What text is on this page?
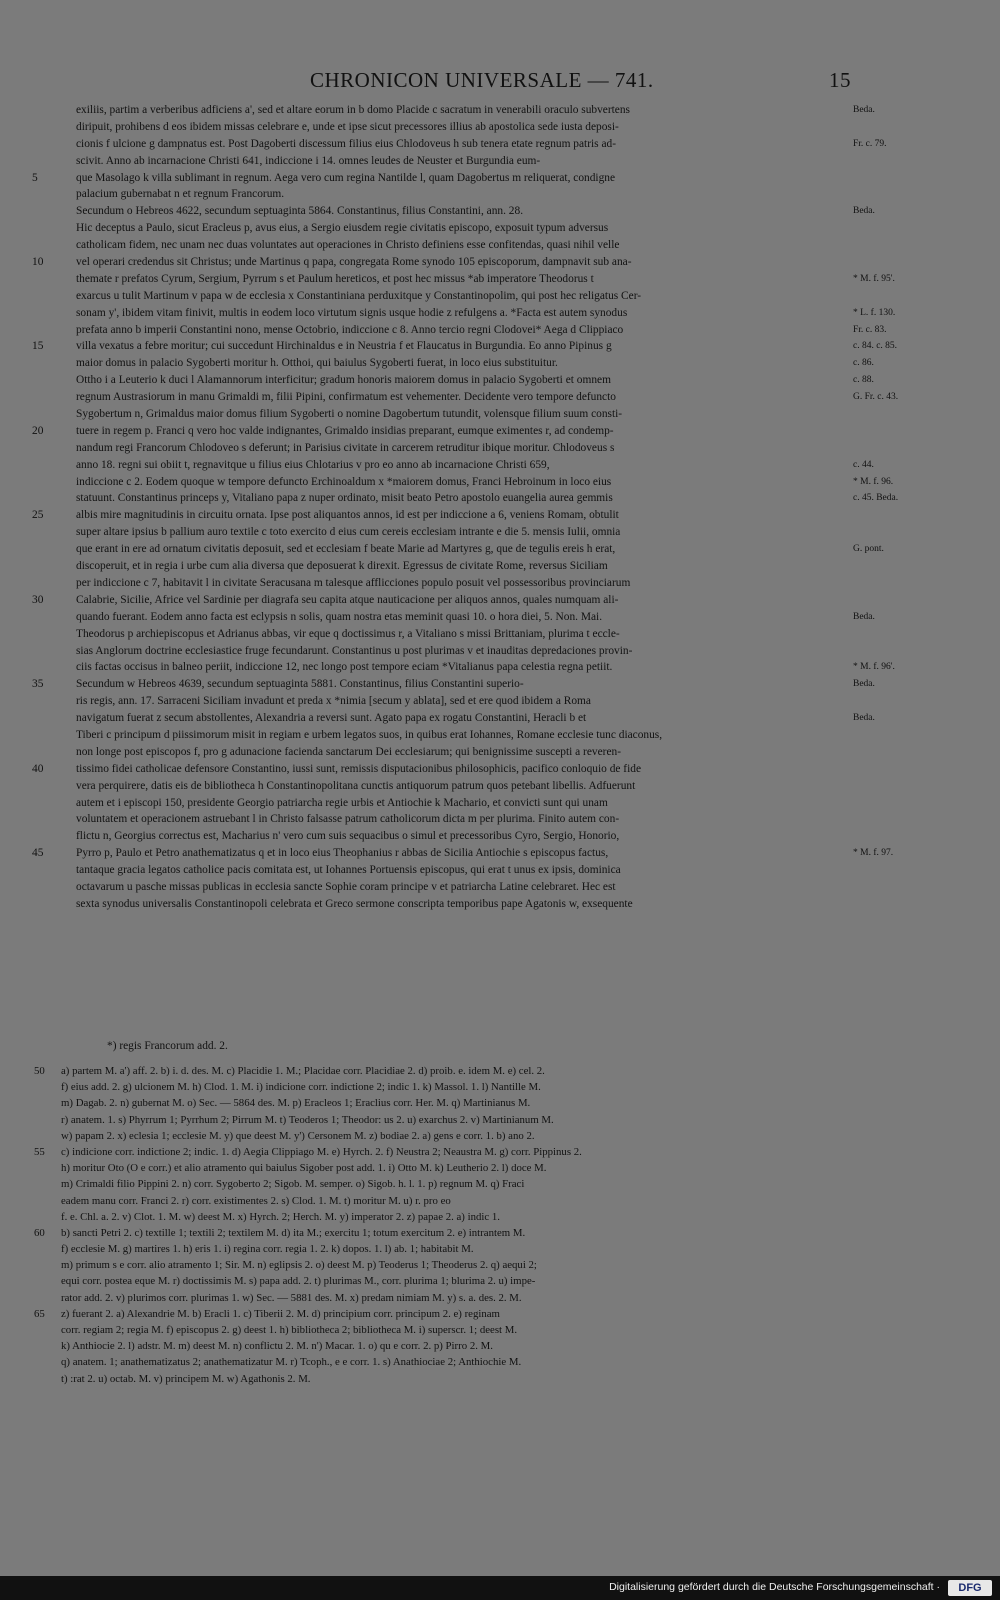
CHRONICON UNIVERSALE — 741.	15
exiliis, partim a verberibus adficiens a', sed et altare eorum in b domo Placide c sacratum in venerabili oraculo subvertens	Beda.
diripuit, prohibens d eos ibidem missas celebrare e, unde et ipse sicut precessores illius ab apostolica sede iusta deposi-
cionis f ulcione g dampnatus est. Post Dagoberti discessum filius eius Chlodoveus h sub tenera etate regnum patris ad-	Fr. c. 79.
scivit. Anno ab incarnacione Christi 641, indiccione i 14. omnes leudes de Neuster et Burgundia eum-
5	que Masolago k villa sublimant in regnum. Aega vero cum regina Nantilde l, quam Dagobertus m reliquerat, condigne
palacium gubernabat n et regnum Francorum.
Secundum o Hebreos 4622, secundum septuaginta 5864. Constantinus, filius Constantini, ann. 28.	Beda.
Hic deceptus a Paulo, sicut Eracleus p, avus eius, a Sergio eiusdem regie civitatis episcopo, exposuit typum adversus
catholicam fidem, nec unam nec duas voluntates aut operaciones in Christo definiens esse confitendas, quasi nihil velle
10	vel operari credendus sit Christus; unde Martinus q papa, congregata Rome synodo 105 episcoporum, dampnavit sub ana-
themate r prefatos Cyrum, Sergium, Pyrrum s et Paulum hereticos, et post hec missus *ab imperatore Theodorus t	* M. f. 95'.
exarcus u tulit Martinum v papa w de ecclesia x Constantiniana perduxitque y Constantinopolim, qui post hec religatus Cer-
sonam y', ibidem vitam finivit, multis in eodem loco virtutum signis usque hodie z refulgens a. *Facta est autem synodus	* L. f. 130.
prefata anno b imperii Constantini nono, mense Octobrio, indiccione c 8. Anno tercio regni Clodovei* Aega d Clippiaco	Fr. c. 83.
15	villa vexatus a febre moritur; cui succedunt Hirchinaldus e in Neustria f et Flaucatus in Burgundia. Eo anno Pipinus g	c. 84. c. 85.
maior domus in palacio Sygoberti moritur h. Otthoi, qui baiulus Sygoberti fuerat, in loco eius substituitur.	c. 86.
Ottho i a Leuterio k duci l Alamannorum interficitur; gradum honoris maiorem domus in palacio Sygoberti et omnem	c. 88.
regnum Austrasiorum in manu Grimaldi m, filii Pipini, confirmatum est vehementer. Decidente vero tempore defuncto	G. Fr. c. 43.
Sygobertum n, Grimaldus maior domus filium Sygoberti o nomine Dagobertum tutundit, volensque filium suum consti-
20	tuere in regem p. Franci q vero hoc valde indignantes, Grimaldo insidias preparant, eumque eximentes r, ad condemp-
nandum regi Francorum Chlodoveo s deferunt; in Parisius civitate in carcerem retruditur ibique moritur. Chlodoveus s
anno 18. regni sui obiit t, regnavitque u filius eius Chlotarius v pro eo anno ab incarnacione Christi 659,	c. 44.
indiccione c 2. Eodem quoque w tempore defuncto Erchinoaldum x *maiorem domus, Franci Hebroinum in loco eius	* M. f. 96.
statuunt. Constantinus princeps y, Vitaliano papa z nuper ordinato, misit beato Petro apostolo euangelia aurea gemmis	c. 45. Beda.
25	albis mire magnitudinis in circuitu ornata. Ipse post aliquantos annos, id est per indiccione a 6, veniens Romam, obtulit
super altare ipsius b pallium auro textile c toto exercito d eius cum cereis ecclesiam intrante e die 5. mensis Iulii, omnia
que erant in ere ad ornatum civitatis deposuit, sed et ecclesiam f beate Marie ad Martyres g, que de tegulis ereis h erat,	G. pont.
discoperuit, et in regia i urbe cum alia diversa que deposuerat k direxit. Egressus de civitate Rome, reversus Siciliam
per indiccione c 7, habitavit l in civitate Seracusana m talesque afflicciones populo posuit vel possessoribus provinciarum
30	Calabrie, Sicilie, Africe vel Sardinie per diagrafa seu capita atque nauticacione per aliquos annos, quales numquam ali-
quando fuerant. Eodem anno facta est eclypsis n solis, quam nostra etas meminit quasi 10. o hora diei, 5. Non. Mai.	Beda.
Theodorus p archiepiscopus et Adrianus abbas, vir eque q doctissimus r, a Vitaliano s missi Brittaniam, plurima t eccle-
sias Anglorum doctrine ecclesiastice fruge fecundarunt. Constantinus u post plurimas v et inauditas depredaciones provin-
ciis factas occisus in balneo periit, indiccione 12, nec longo post tempore eciam *Vitalianus papa celestia regna petiit.	* M. f. 96'.
35	Secundum w Hebreos 4639, secundum septuaginta 5881. Constantinus, filius Constantini superio-	Beda.
ris regis, ann. 17. Sarraceni Siciliam invadunt et preda x *nimia [secum y ablata], sed et ere quod ibidem a Roma
navigatum fuerat z secum abstollentes, Alexandria a reversi sunt. Agato papa ex rogatu Constantini, Heracli b et	Beda.
Tiberi c principum d piissimorum misit in regiam e urbem legatos suos, in quibus erat Iohannes, Romane ecclesie tunc diaconus,
non longe post episcopos f, pro g adunacione facienda sanctarum Dei ecclesiarum; qui benignissime suscepti a reveren-
40	tissimo fidei catholicae defensore Constantino, iussi sunt, remissis disputacionibus philosophicis, pacifico conloquio de fide
vera perquirere, datis eis de bibliotheca h Constantinopolitana cunctis antiquorum patrum quos petebant libellis. Adfuerunt
autem et i episcopi 150, presidente Georgio patriarcha regie urbis et Antiochie k Machario, et convicti sunt qui unam
voluntatem et operacionem astruebant l in Christo falsasse patrum catholicorum dicta m per plurima. Finito autem con-
flictu n, Georgius correctus est, Macharius n' vero cum suis sequacibus o simul et precessoribus Cyro, Sergio, Honorio,
45	Pyrro p, Paulo et Petro anathematizatus q et in loco eius Theophanius r abbas de Sicilia Antiochie s episcopus factus,	* M. f. 97.
tantaque gracia legatos catholice pacis comitata est, ut Iohannes Portuensis episcopus, qui erat t unus ex ipsis, dominica
octavarum u pasche missas publicas in ecclesia sancte Sophie coram principe v et patriarcha Latine celebraret. Hec est
sexta synodus universalis Constantinopoli celebrata et Greco sermone conscripta temporibus pape Agatonis w, exsequente
*) regis Francorum add. 2.
50	a) partem M. a') aff. 2. b) i. d. des. M. c) Placidie 1. M.; Placidae corr. Placidiae 2. d) proib. e. idem M. e) cel. 2.
f) eius add. 2. g) ulcionem M. h) Clod. 1. M. i) indicione corr. indictione 2; indic 1. k) Massol. 1. l) Nantille M.
m) Dagab. 2. n) gubernat M. o) Sec. — 5864 des. M. p) Eracleos 1; Eraclius corr. Her. M. q) Martinianus M.
r) anatem. 1. s) Phyrrum 1; Pyrrhum 2; Pirrum M. t) Teoderos 1; Theodor: us 2. u) exarchus 2. v) Martinianum M.
w) papam 2. x) eclesia 1; ecclesie M. y) que deest M. y') Cersonem M. z) bodiae 2. a) gens e corr. 1. b) ano 2.
55	c) indicione corr. indictione 2; indic. 1. d) Aegia Clippiago M. e) Hyrch. 2. f) Neustra 2; Neaustra M. g) corr. Pippinus 2.
h) moritur Oto (O e corr.) et alio atramento qui baiulus Sigober post add. 1. i) Otto M. k) Leutherio 2. l) doce M.
m) Crimaldi filio Pippini 2. n) corr. Sygoberto 2; Sigob. M. semper. o) Sigob. h. l. 1. p) regnum M. q) Fraci
eadem manu corr. Franci 2. r) corr. existimentes 2. s) Clod. 1. M. t) moritur M. u) r. pro eo
f. e. Chl. a. 2. v) Clot. 1. M. w) deest M. x) Hyrch. 2; Herch. M. y) imperator 2. z) papae 2. a) indic 1.
60	b) sancti Petri 2. c) textille 1; textili 2; textilem M. d) ita M.; exercitu 1; totum exercitum 2. e) intrantem M.
f) ecclesie M. g) martires 1. h) eris 1. i) regina corr. regia 1. 2. k) dopos. 1. l) ab. 1; habitabit M.
m) primum s e corr. alio atramento 1; Sir. M. n) eglipsis 2. o) deest M. p) Teoderus 1; Theoderus 2. q) aequi 2;
equi corr. postea eque M. r) doctissimis M. s) papa add. 2. t) plurimas M., corr. plurima 1; blurima 2. u) impe-
rator add. 2. v) plurimos corr. plurimas 1. w) Sec. — 5881 des. M. x) predam nimiam M. y) s. a. des. 2. M.
65	z) fuerant 2. a) Alexandrie M. b) Eracli 1. c) Tiberii 2. M. d) principium corr. principum 2. e) reginam
corr. regiam 2; regia M. f) episcopus 2. g) deest 1. h) bibliotheca 2; bibliotheca M. i) superscr. 1; deest M.
k) Anthiocie 2. l) adstr. M. m) deest M. n) conflictu 2. M. n') Macar. 1. o) qu e corr. 2. p) Pirro 2. M.
q) anatem. 1; anathematizatus 2; anathematizatur M. r) Tcoph., e e corr. 1. s) Anathiociae 2; Anthiochie M.
t) :rat 2. u) octab. M. v) principem M. w) Agathonis 2. M.
Digitalisierung gefördert durch die Deutsche Forschungsgemeinschaft ·	DFG
